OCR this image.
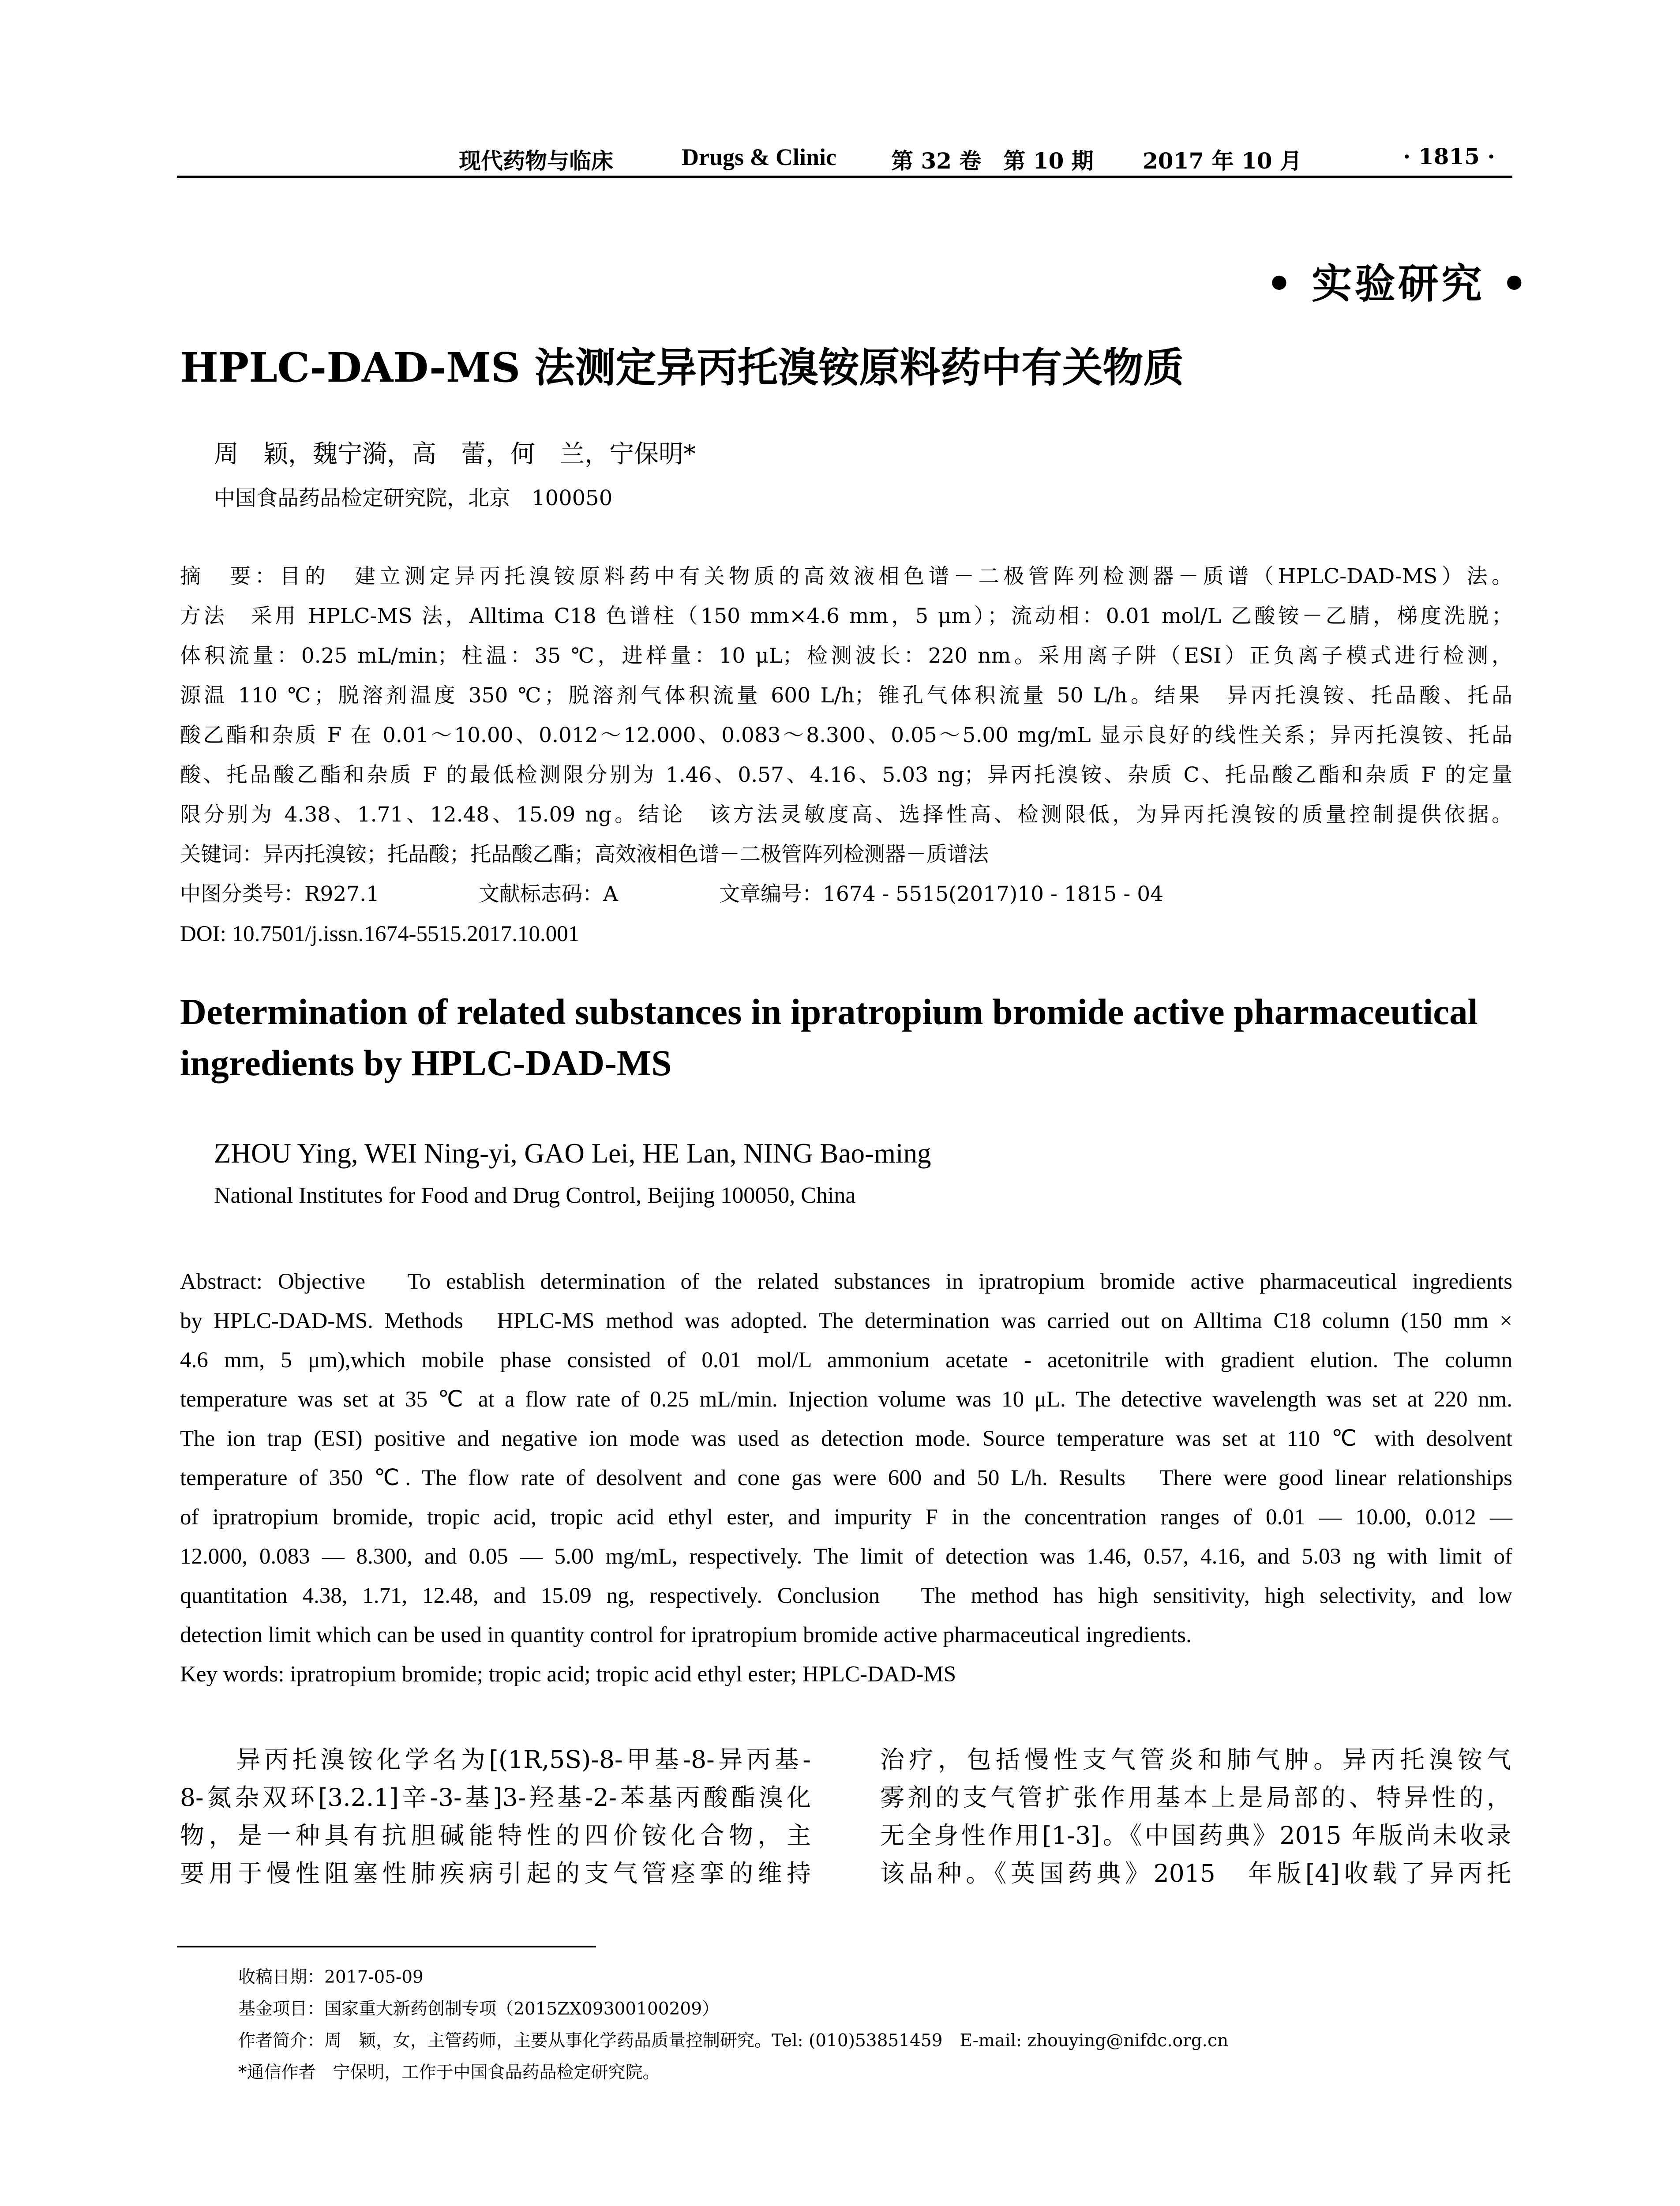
现代药物与临床	Drugs & Clinic 第 32 卷　第 10 期 2017 年 10 月	· 1815 ·
• 实验研究 •
HPLC-DAD-MS 法测定异丙托溴铵原料药中有关物质
周　颖，魏宁漪，高　蕾，何　兰，宁保明*
中国食品药品检定研究院，北京　100050
摘　要：目的　建立测定异丙托溴铵原料药中有关物质的高效液相色谱－二极管阵列检测器－质谱（HPLC-DAD-MS）法。
方法　采用 HPLC-MS 法，Alltima C18 色谱柱（150 mm×4.6 mm，5 μm）；流动相：0.01 mol/L 乙酸铵－乙腈，梯度洗脱；
体积流量：0.25 mL/min；柱温：35 ℃，进样量：10 μL；检测波长：220 nm。采用离子阱（ESI）正负离子模式进行检测，
源温 110 ℃；脱溶剂温度 350 ℃；脱溶剂气体积流量 600 L/h；锥孔气体积流量 50 L/h。结果　异丙托溴铵、托品酸、托品
酸乙酯和杂质 F 在 0.01～10.00、0.012～12.000、0.083～8.300、0.05～5.00 mg/mL 显示良好的线性关系；异丙托溴铵、托品
酸、托品酸乙酯和杂质 F 的最低检测限分别为 1.46、0.57、4.16、5.03 ng；异丙托溴铵、杂质 C、托品酸乙酯和杂质 F 的定量
限分别为 4.38、1.71、12.48、15.09 ng。结论　该方法灵敏度高、选择性高、检测限低，为异丙托溴铵的质量控制提供依据。
关键词：异丙托溴铵；托品酸；托品酸乙酯；高效液相色谱－二极管阵列检测器－质谱法
中图分类号：R927.1	文献标志码：A	文章编号：1674 - 5515(2017)10 - 1815 - 04
DOI: 10.7501/j.issn.1674-5515.2017.10.001
Determination of related substances in ipratropium bromide active pharmaceutical ingredients by HPLC-DAD-MS
ZHOU Ying, WEI Ning-yi, GAO Lei, HE Lan, NING Bao-ming
National Institutes for Food and Drug Control, Beijing 100050, China
Abstract: Objective　To establish determination of the related substances in ipratropium bromide active pharmaceutical ingredients
by HPLC-DAD-MS. Methods　HPLC-MS method was adopted. The determination was carried out on Alltima C18 column (150 mm ×
4.6 mm, 5 μm),which mobile phase consisted of 0.01 mol/L ammonium acetate - acetonitrile with gradient elution. The column
temperature was set at 35 ℃ at a flow rate of 0.25 mL/min. Injection volume was 10 μL. The detective wavelength was set at 220 nm.
The ion trap (ESI) positive and negative ion mode was used as detection mode. Source temperature was set at 110 ℃ with desolvent
temperature of 350 ℃. The flow rate of desolvent and cone gas were 600 and 50 L/h. Results　There were good linear relationships
of ipratropium bromide, tropic acid, tropic acid ethyl ester, and impurity F in the concentration ranges of 0.01 — 10.00, 0.012 —
12.000, 0.083 — 8.300, and 0.05 — 5.00 mg/mL, respectively. The limit of detection was 1.46, 0.57, 4.16, and 5.03 ng with limit of
quantitation 4.38, 1.71, 12.48, and 15.09 ng, respectively. Conclusion　The method has high sensitivity, high selectivity, and low
detection limit which can be used in quantity control for ipratropium bromide active pharmaceutical ingredients.
Key words: ipratropium bromide; tropic acid; tropic acid ethyl ester; HPLC-DAD-MS
　　异丙托溴铵化学名为[(1R,5S)-8-甲基-8-异丙基-
8-氮杂双环[3.2.1]辛-3-基]3-羟基-2-苯基丙酸酯溴化
物，是一种具有抗胆碱能特性的四价铵化合物，主
要用于慢性阻塞性肺疾病引起的支气管痉挛的维持
治疗，包括慢性支气管炎和肺气肿。异丙托溴铵气
雾剂的支气管扩张作用基本上是局部的、特异性的，
无全身性作用[1-3]。《中国药典》2015 年版尚未收录
该品种。《英国药典》2015　年版[4]收载了异丙托
收稿日期：2017-05-09
基金项目：国家重大新药创制专项（2015ZX09300100209）
作者简介：周　颖，女，主管药师，主要从事化学药品质量控制研究。Tel: (010)53851459　E-mail: zhouying@nifdc.org.cn
*通信作者　宁保明，工作于中国食品药品检定研究院。
